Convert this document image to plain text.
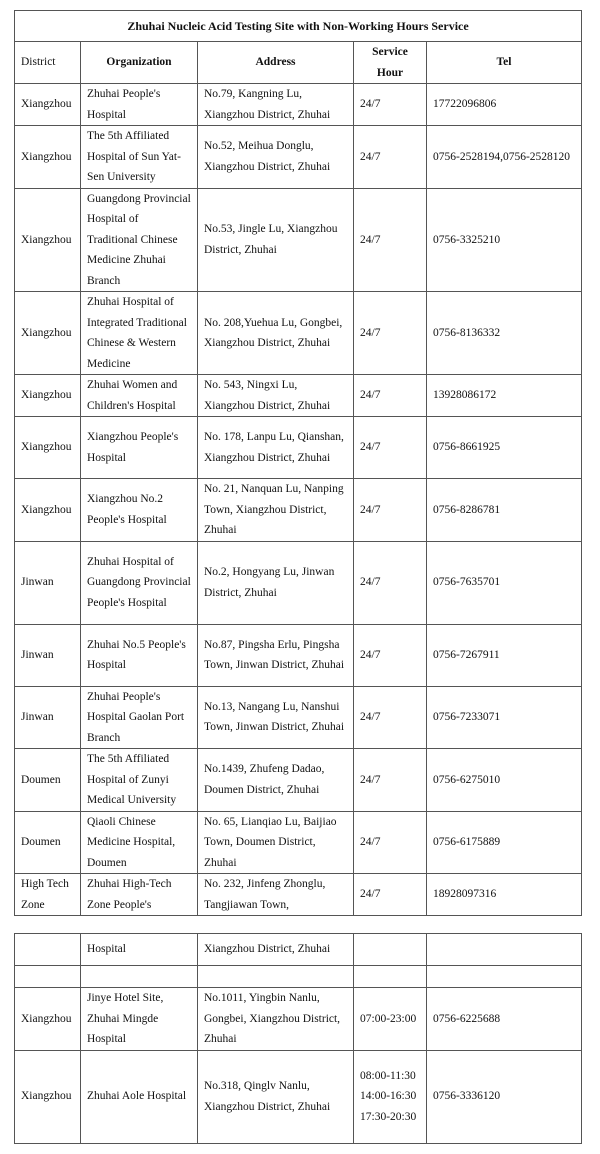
Zhuhai Nucleic Acid Testing Site with Non-Working Hours Service				
District	Organization	Address	Service Hour	Tel
Xiangzhou	Zhuhai People's Hospital	No.79, Kangning Lu, Xiangzhou District, Zhuhai	24/7	17722096806
Xiangzhou	The 5th Affiliated Hospital of Sun Yat-Sen University	No.52, Meihua Donglu, Xiangzhou District, Zhuhai	24/7	0756-2528194,0756-2528120
Xiangzhou	Guangdong Provincial Hospital of Traditional Chinese Medicine Zhuhai Branch	No.53, Jingle Lu, Xiangzhou District, Zhuhai	24/7	0756-3325210
Xiangzhou	Zhuhai Hospital of Integrated Traditional Chinese & Western Medicine	No. 208,Yuehua Lu, Gongbei, Xiangzhou District, Zhuhai	24/7	0756-8136332
Xiangzhou	Zhuhai Women and Children's Hospital	No. 543, Ningxi Lu, Xiangzhou District, Zhuhai	24/7	13928086172
Xiangzhou	Xiangzhou People's Hospital	No. 178, Lanpu Lu, Qianshan, Xiangzhou District, Zhuhai	24/7	0756-8661925
Xiangzhou	Xiangzhou No.2 People's Hospital	No. 21, Nanquan Lu, Nanping Town, Xiangzhou District, Zhuhai	24/7	0756-8286781
Jinwan	Zhuhai Hospital of Guangdong Provincial People's Hospital	No.2, Hongyang Lu, Jinwan District, Zhuhai	24/7	0756-7635701
Jinwan	Zhuhai No.5 People's Hospital	No.87, Pingsha Erlu, Pingsha Town, Jinwan District, Zhuhai	24/7	0756-7267911
Jinwan	Zhuhai People's Hospital Gaolan Port Branch	No.13, Nangang Lu, Nanshui Town, Jinwan District, Zhuhai	24/7	0756-7233071
Doumen	The 5th Affiliated Hospital of Zunyi Medical University	No.1439, Zhufeng Dadao, Doumen District, Zhuhai	24/7	0756-6275010
Doumen	Qiaoli Chinese Medicine Hospital, Doumen	No. 65, Lianqiao Lu, Baijiao Town, Doumen District, Zhuhai	24/7	0756-6175889
High Tech Zone	Zhuhai High-Tech Zone People's	No. 232, Jinfeng Zhonglu, Tangjiawan Town,	24/7	18928097316
	Hospital	Xiangzhou District, Zhuhai		

Xiangzhou	Jinye Hotel Site, Zhuhai Mingde Hospital	No.1011, Yingbin Nanlu, Gongbei, Xiangzhou District, Zhuhai	07:00-23:00	0756-6225688
Xiangzhou	Zhuhai Aole Hospital	No.318, Qinglv Nanlu, Xiangzhou District, Zhuhai	08:00-11:30
14:00-16:30
17:30-20:30	0756-3336120
